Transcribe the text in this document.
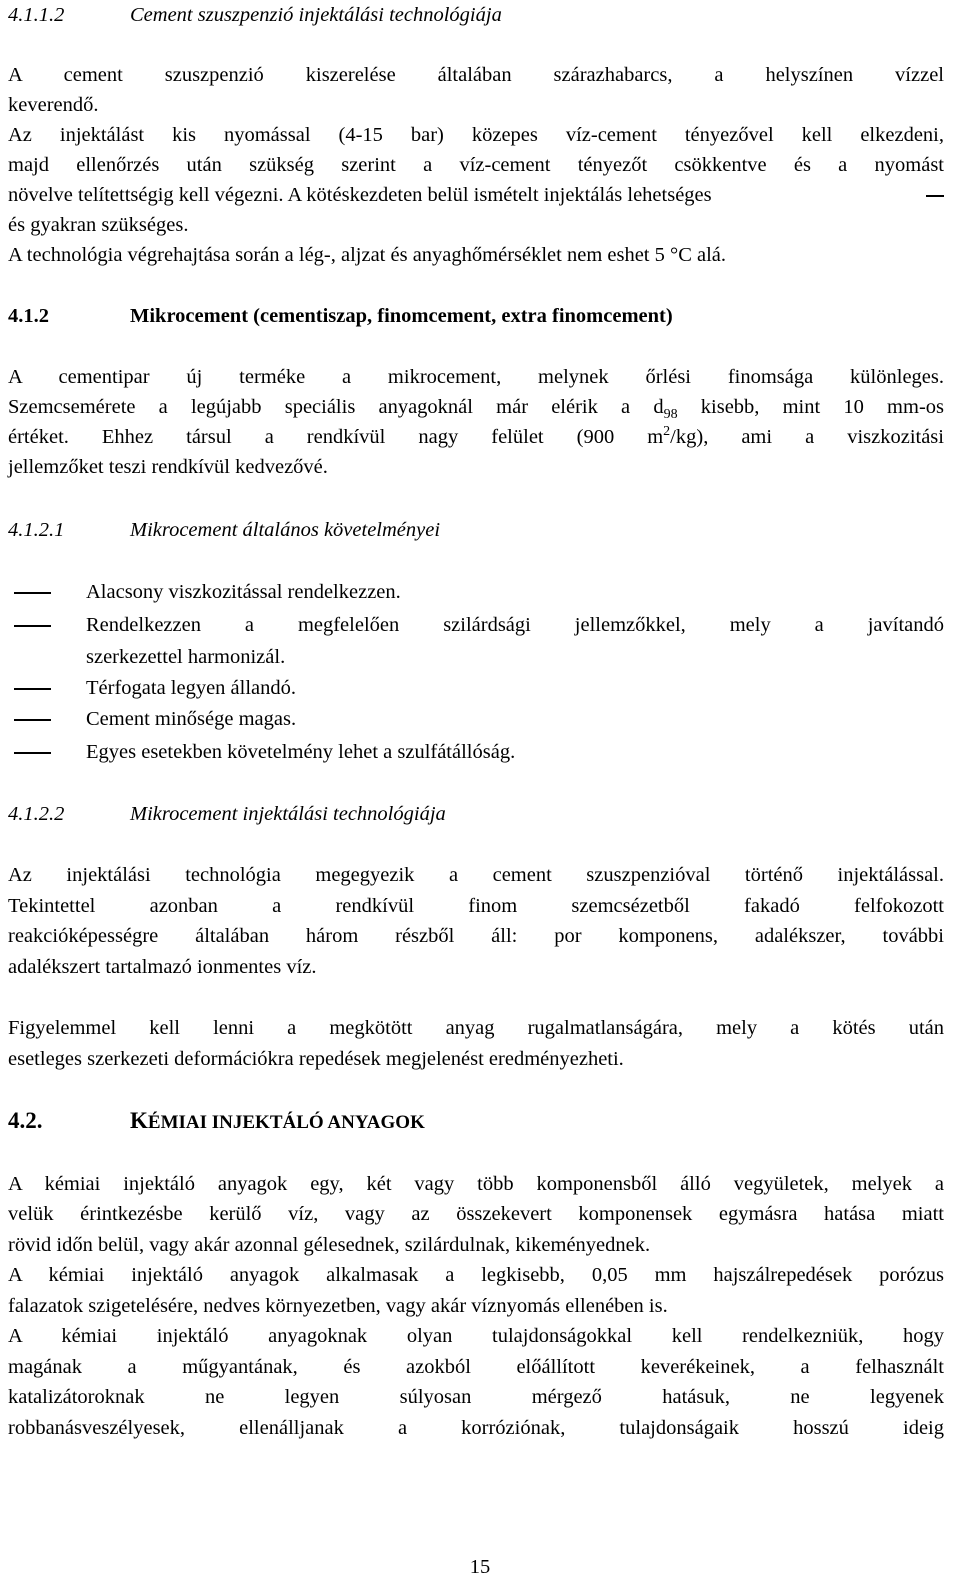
4.1.1.2	Cement szuszpenzió injektálási technológiája
A cement szuszpenzió kiszerelése általában szárazhabarcs, a helyszínen vízzel
keverendő.
Az injektálást kis nyomással (4-15 bar) közepes víz-cement tényezővel kell elkezdeni,
majd ellenőrzés után szükség szerint a víz-cement tényezőt csökkentve és a nyomást
növelve telítettségig kell végezni. A kötéskezdeten belül ismételt injektálás lehetséges
és gyakran szükséges.
A technológia végrehajtása során a lég-, aljzat és anyaghőmérséklet nem eshet 5 °C alá.
4.1.2	Mikrocement (cementiszap, finomcement, extra finomcement)
A cementipar új terméke a mikrocement, melynek őrlési finomsága különleges.
Szemcsemérete a legújabb speciális anyagoknál már elérik a $d_{98}$ kisebb, mint 10 mm-os
értéket. Ehhez társul a rendkívül nagy felület (900 $m^2/kg$), ami a viszkozitási
jellemzőket teszi rendkívül kedvezővé.
4.1.2.1	Mikrocement általános követelményei
Alacsony viszkozitással rendelkezzen.
Rendelkezzen a megfelelően szilárdsági jellemzőkkel, mely a javítandó
szerkezettel harmonizál.
Térfogata legyen állandó.
Cement minősége magas.
Egyes esetekben követelmény lehet a szulfátállóság.
4.1.2.2	Mikrocement injektálási technológiája
Az injektálási technológia megegyezik a cement szuszpenzióval történő injektálással.
Tekintettel azonban a rendkívül finom szemcsézetből fakadó felfokozott
reakcióképességre általában három részből áll: por komponens, adalékszer, további
adalékszert tartalmazó ionmentes víz.
Figyelemmel kell lenni a megkötött anyag rugalmatlanságára, mely a kötés után
esetleges szerkezeti deformációkra repedések megjelenést eredményezheti.
4.2.	KÉMIAI INJEKTÁLÓ ANYAGOK
A kémiai injektáló anyagok egy, két vagy több komponensből álló vegyületek, melyek a
velük érintkezésbe kerülő víz, vagy az összekevert komponensek egymásra hatása miatt
rövid időn belül, vagy akár azonnal gélesednek, szilárdulnak, kikeményednek.
A kémiai injektáló anyagok alkalmasak a legkisebb, 0,05 mm hajszálrepedések porózus
falazatok szigetelésére, nedves környezetben, vagy akár víznyomás ellenében is.
A kémiai injektáló anyagoknak olyan tulajdonságokkal kell rendelkezniük, hogy
magának a műgyantának, és azokból előállított keverékeinek, a felhasznált
katalizátoroknak ne legyen súlyosan mérgező hatásuk, ne legyenek
robbanásveszélyesek, ellenálljanak a korróziónak, tulajdonságaik hosszú ideig
15
